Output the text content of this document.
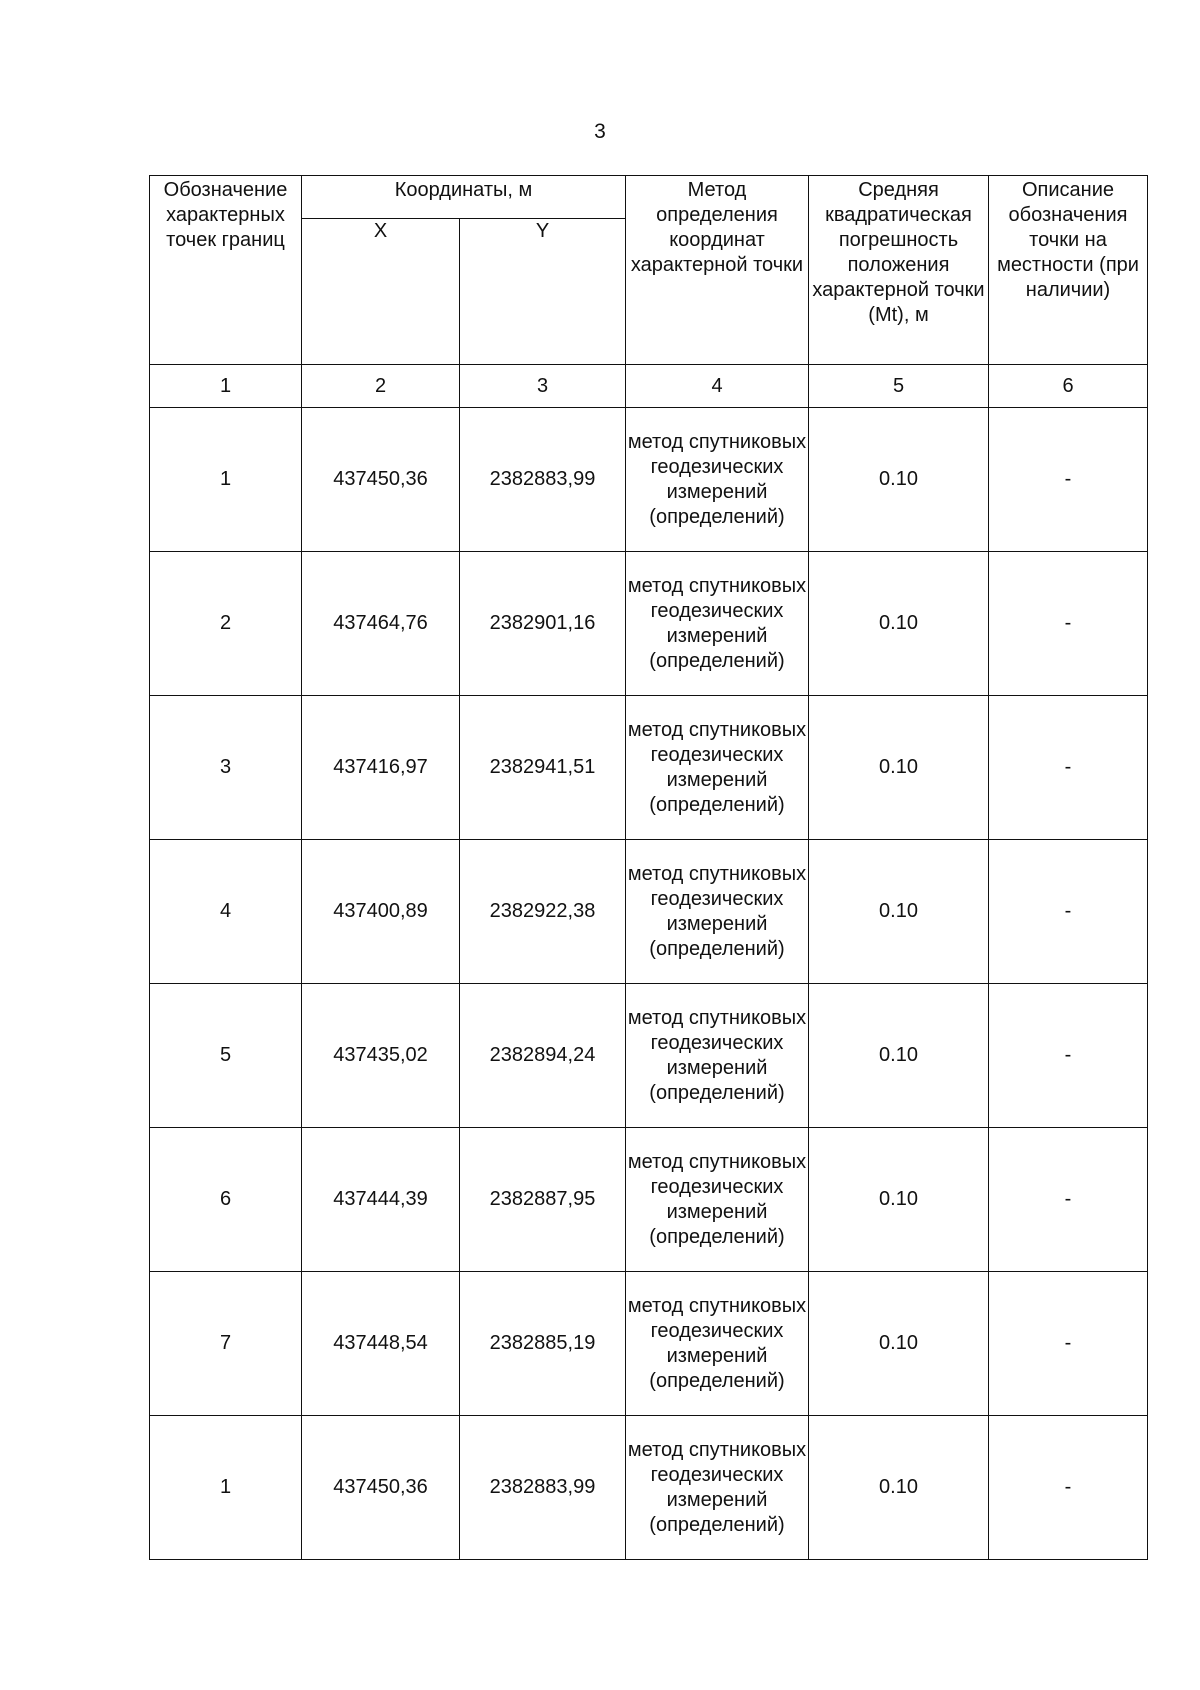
3
Обозначение характерных точек границ	Координаты, м		Метод определения координат характерной точки	Средняя квадратическая погрешность положения характерной точки (Mt), м	Описание обозначения точки на местности (при наличии)

	X	Y			
1	2	3	4	5	6
1	437450,36	2382883,99	метод спутниковых геодезических измерений (определений)	0.10	-
2	437464,76	2382901,16	метод спутниковых геодезических измерений (определений)	0.10	-
3	437416,97	2382941,51	метод спутниковых геодезических измерений (определений)	0.10	-
4	437400,89	2382922,38	метод спутниковых геодезических измерений (определений)	0.10	-
5	437435,02	2382894,24	метод спутниковых геодезических измерений (определений)	0.10	-
6	437444,39	2382887,95	метод спутниковых геодезических измерений (определений)	0.10	-
7	437448,54	2382885,19	метод спутниковых геодезических измерений (определений)	0.10	-
1	437450,36	2382883,99	метод спутниковых геодезических измерений (определений)	0.10	-
